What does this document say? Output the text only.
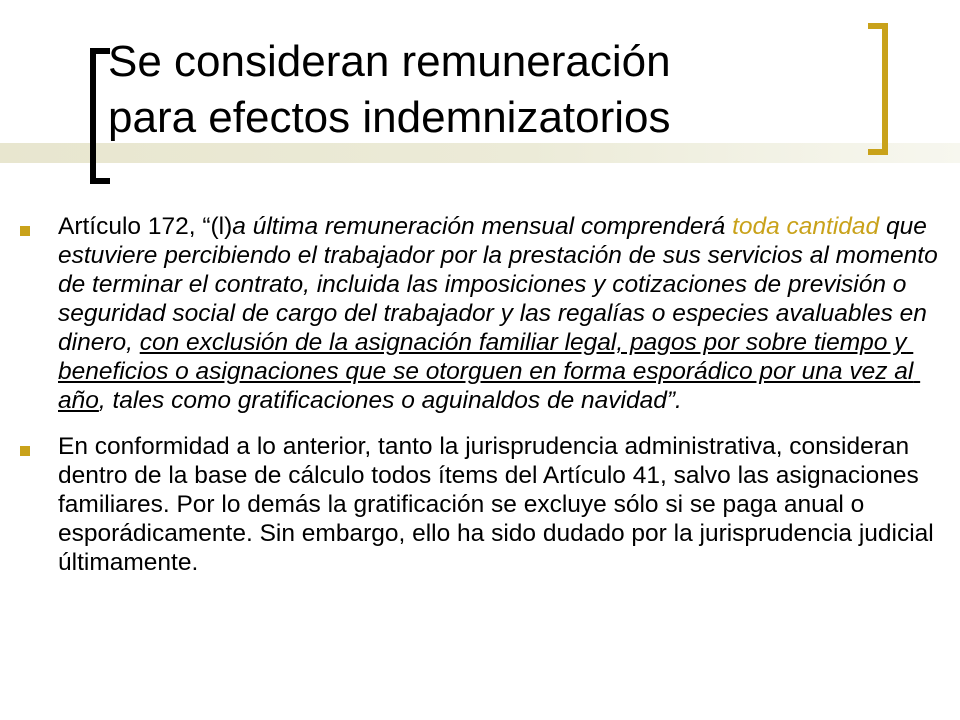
Se consideran remuneración
para efectos indemnizatorios
Artículo 172, “(l)a última remuneración mensual comprenderá toda cantidad que estuviere percibiendo el trabajador por la prestación de sus servicios al momento de terminar el contrato, incluida las imposiciones y cotizaciones de previsión o seguridad social de cargo del trabajador y las regalías o especies avaluables en dinero, con exclusión de la asignación familiar legal, pagos por sobre tiempo y beneficios o asignaciones que se otorguen en forma esporádico por una vez al año, tales como gratificaciones o aguinaldos de navidad”.
En conformidad a lo anterior, tanto la jurisprudencia administrativa, consideran dentro de la base de cálculo todos ítems del Artículo 41, salvo las asignaciones familiares. Por lo demás la gratificación se excluye sólo si se paga anual o esporádicamente. Sin embargo, ello ha sido dudado por la jurisprudencia judicial últimamente.
